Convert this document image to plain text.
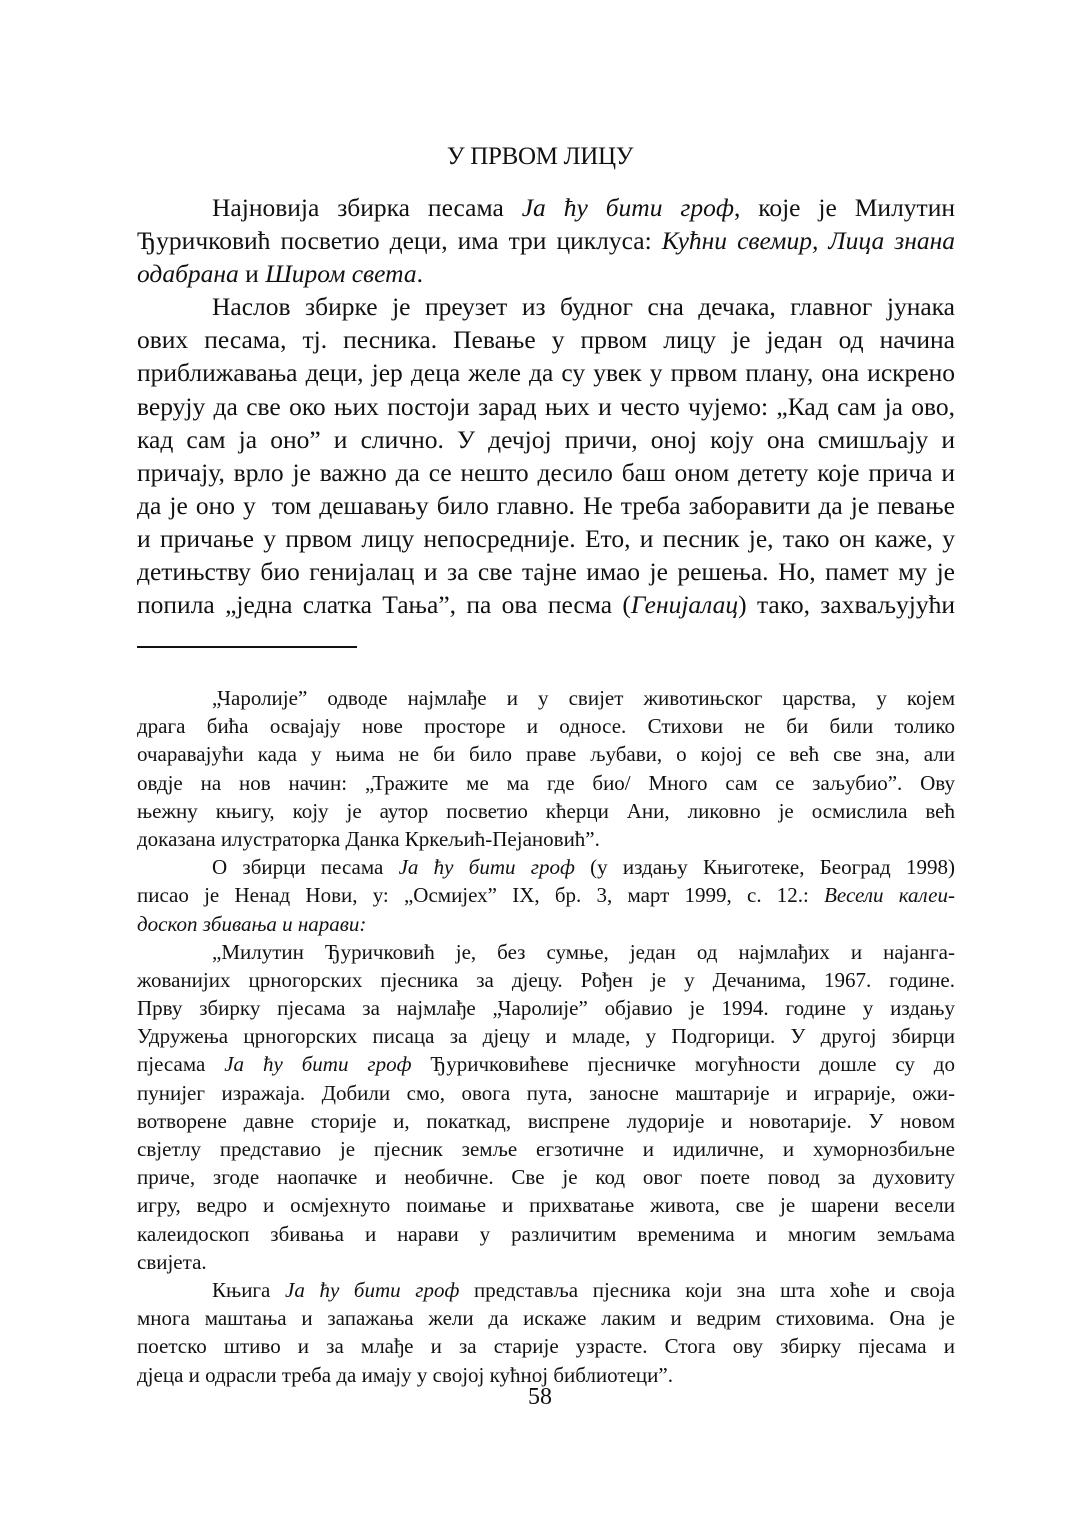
У ПРВОМ ЛИЦУ
Најновија збирка песама Ја ћу бити гроф, које је Милутин
Ђуричковић посветио деци, има три циклуса: Кућни свемир, Лица знана
одабрана и Широм света.
Наслов збирке је преузет из будног сна дечака, главног јунака
ових песама, тј. песника. Певање у првом лицу је један од начина
приближавања деци, јер деца желе да су увек у првом плану, она искрено
верују да све око њих постоји зарад њих и често чујемо: „Кад сам ја ово,
кад сам ја оно” и слично. У дечјој причи, оној коју она смишљају и
причају, врло је важно да се нешто десило баш оном детету које прича и
да је оно у  том дешавању било главно. Не треба заборавити да је певање
и причање у првом лицу непосредније. Ето, и песник је, тако он каже, у
детињству био генијалац и за све тајне имао је решења. Но, памет му је
попила „једна слатка Тања”, па ова песма (Генијалац) тако, захваљујући
„Чаролије” одводе најмлађе и у свијет животињског царства, у којем
драга бића освајају нове просторе и односе. Стихови не би били толико
очаравајући када у њима не би било праве љубави, о којој се већ све зна, али
овдје на нов начин: „Тражите ме ма где био/ Много сам се заљубио”. Ову
њежну књигу, коју је аутор посветио кћерци Ани, ликовно је осмислила већ
доказана илустраторка Данка Кркељић-Пејановић”.
О збирци песама Ја ћу бити гроф (у издању Књиготеке, Београд 1998)
писао је Ненад Нови, у: „Осмијех” IX, бр. 3, март 1999, с. 12.: Весели калеи-
доскоп збивања и нарави:
„Милутин Ђуричковић је, без сумње, један од најмлађих и најанга-
жованијих црногорских пјесника за дјецу. Рођен је у Дечанима, 1967. године.
Прву збирку пјесама за најмлађе „Чаролије” објавио је 1994. године у издању
Удружења црногорских писаца за дјецу и младе, у Подгорици. У другој збирци
пјесама Ја ћу бити гроф Ђуричковићеве пјесничке могућности дошле су до
пунијег изражаја. Добили смо, овога пута, заносне маштарије и играрије, ожи-
вотворене давне сторије и, покаткад, виспрене лудорије и новотарије. У новом
свјетлу представио је пјесник земље егзотичне и идиличне, и хуморнозбиљне
приче, згоде наопачке и необичне. Све је код овог поете повод за духовиту
игру, ведро и осмјехнуто поимање и прихватање живота, све је шарени весели
калеидоскоп збивања и нарави у различитим временима и многим земљама
свијета.
Књига Ја ћу бити гроф представља пјесника који зна шта хоће и своја
многа маштања и запажања жели да искаже лаким и ведрим стиховима. Она је
поетско штиво и за млађе и за старије узрасте. Стога ову збирку пјесама и
дјеца и одрасли треба да имају у својој кућној библиотеци”.
58
